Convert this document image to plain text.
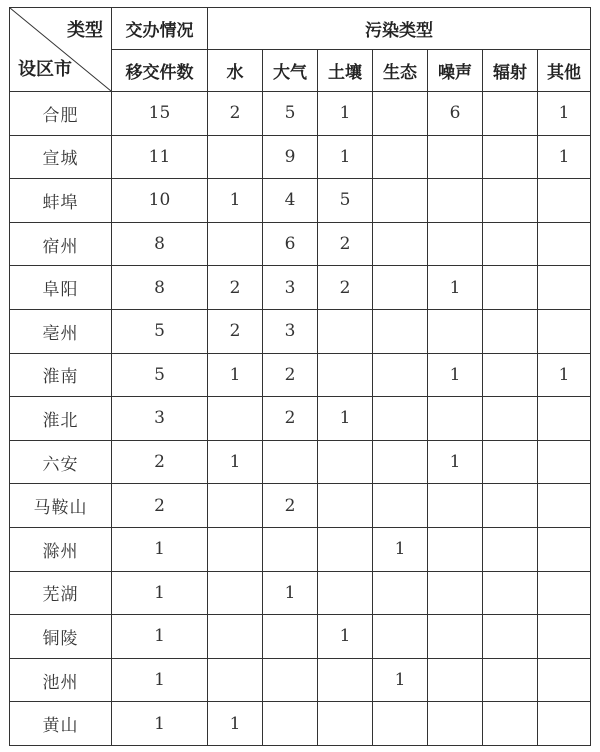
类型
设区市	交办情况	污染类型						
	移交件数	水	大气	土壤	生态	噪声	辐射	其他
合肥	15	2	5	1		6		1
宣城	11		9	1				1
蚌埠	10	1	4	5				
宿州	8		6	2				
阜阳	8	2	3	2		1		
亳州	5	2	3					
淮南	5	1	2			1		1
淮北	3		2	1				
六安	2	1				1		
马鞍山	2		2					
滁州	1				1			
芜湖	1		1					
铜陵	1			1				
池州	1				1			
黄山	1	1						
